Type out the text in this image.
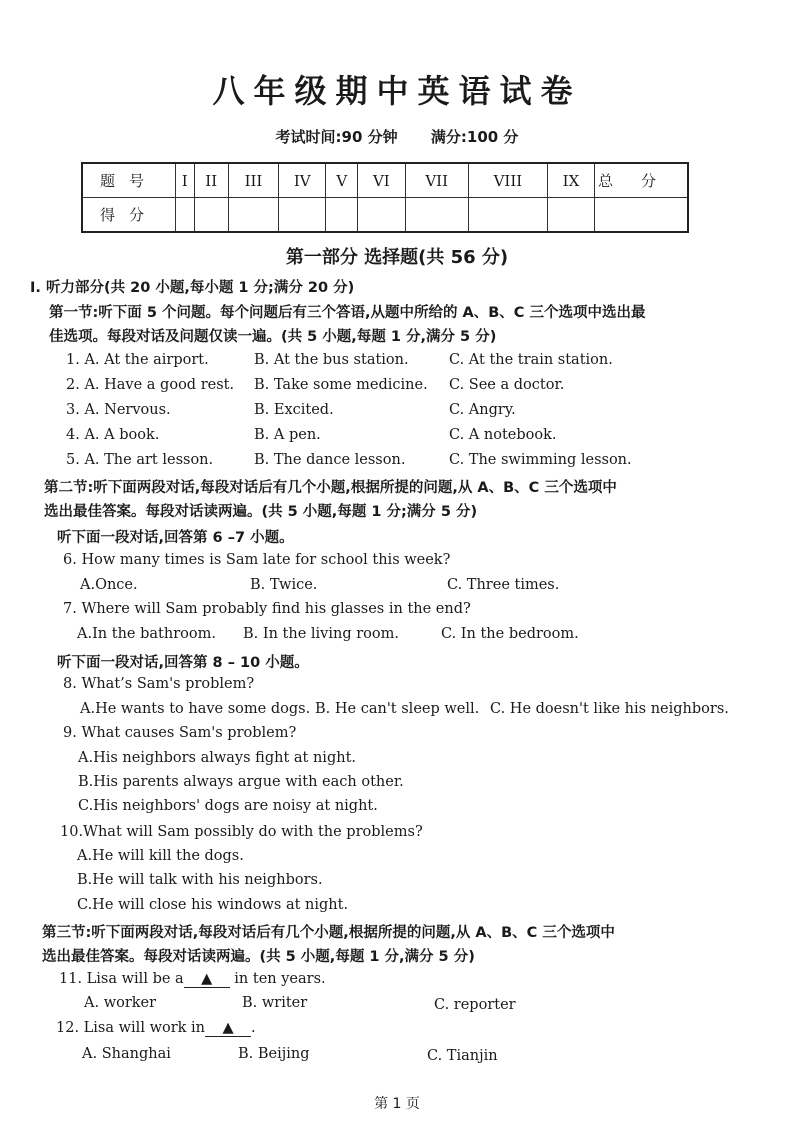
八年级期中英语试卷
考试时间:90 分钟 满分:100 分
题号	I	II	III	IV	V	VI	VII	VIII	IX	总分
得分										
第一部分 选择题(共 56 分)
I. 听力部分(共 20 小题,每小题 1 分;满分 20 分)
第一节:听下面 5 个问题。每个问题后有三个答语,从题中所给的 A、B、C 三个选项中选出最
佳选项。每段对话及问题仅读一遍。(共 5 小题,每题 1 分,满分 5 分)
1. A. At the airport.	B. At the bus station.	C. At the train station.
2. A. Have a good rest. B. Take some medicine. C. See a doctor.
3. A. Nervous.	B. Excited.	C. Angry.
4. A. A book.	B. A pen.	C. A notebook.
5. A. The art lesson.	B. The dance lesson.	C. The swimming lesson.
第二节:听下面两段对话,每段对话后有几个小题,根据所提的问题,从 A、B、C 三个选项中
选出最佳答案。每段对话读两遍。(共 5 小题,每题 1 分;满分 5 分)
听下面一段对话,回答第 6 –7 小题。
6. How many times is Sam late for school this week?
A.Once.	B. Twice.	C. Three times.
7. Where will Sam probably find his glasses in the end?
A.In the bathroom. B. In the living room.	C. In the bedroom.
听下面一段对话,回答第 8 – 10 小题。
8. What’s Sam's problem?
A.He wants to have some dogs. B. He can't sleep well. C. He doesn't like his neighbors.
9. What causes Sam's problem?
A.His neighbors always fight at night.
B.His parents always argue with each other.
C.His neighbors' dogs are noisy at night.
10.What will Sam possibly do with the problems?
A.He will kill the dogs.
B.He will talk with his neighbors.
C.He will close his windows at night.
第三节:听下面两段对话,每段对话后有几个小题,根据所提的问题,从 A、B、C 三个选项中
选出最佳答案。每段对话读两遍。(共 5 小题,每题 1 分,满分 5 分)
11. Lisa will be a ▲ in ten years.
A. worker	B. writer	C. reporter
12. Lisa will work in ▲ .
A. Shanghai	B. Beijing	C. Tianjin
第 1 页
